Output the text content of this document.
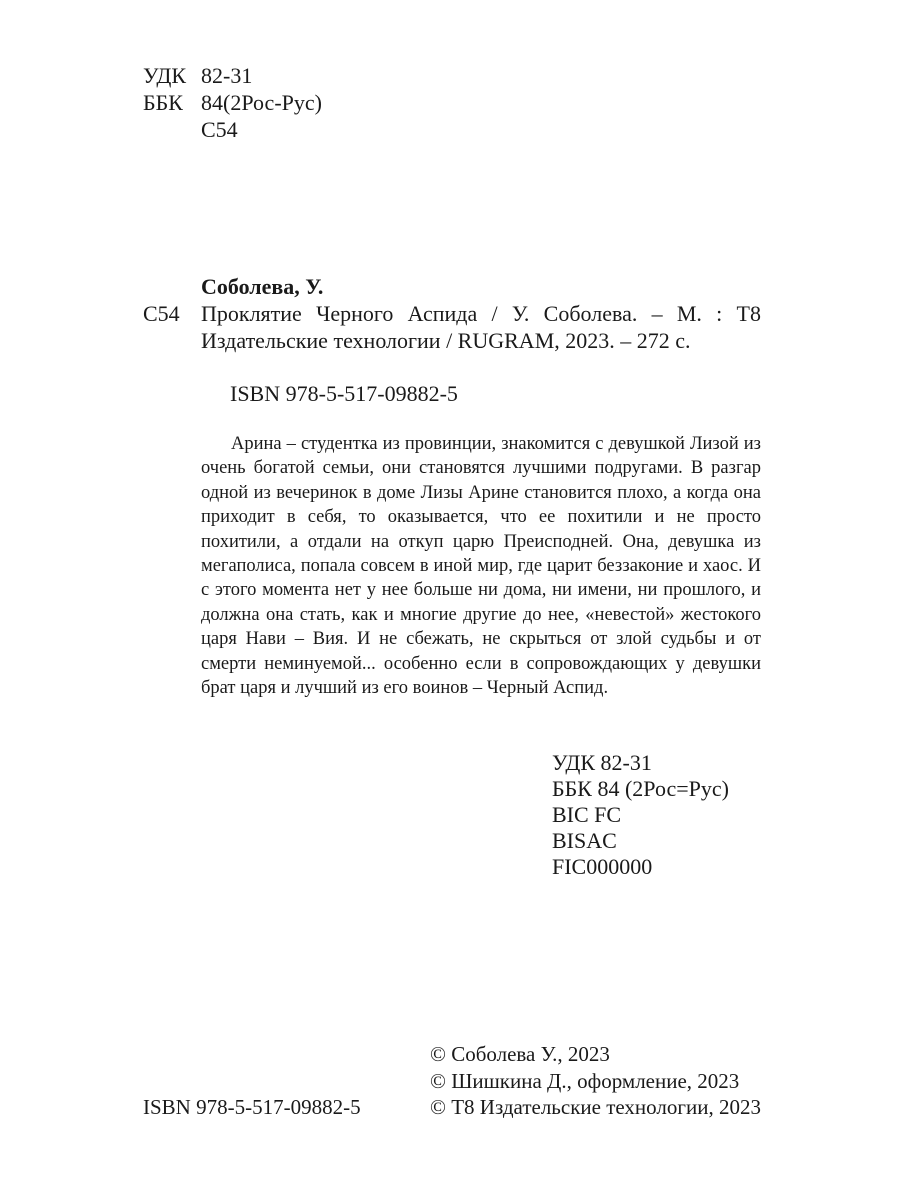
УДК 82-31
ББК 84(2Рос-Рус)
С54
Соболева, У.
С54 Проклятие Черного Аспида / У. Соболева. – М. : Т8
Издательские технологии / RUGRAM, 2023. – 272 с.
ISBN 978-5-517-09882-5

Арина – студентка из провинции, знакомится с девушкой Лизой из очень богатой семьи, они становятся лучшими подругами. В разгар одной из вечеринок в доме Лизы Арине становится плохо, а когда она приходит в себя, то оказывается, что ее похитили и не просто похитили, а отдали на откуп царю Преисподней. Она, девушка из мегаполиса, попала совсем в иной мир, где царит беззаконие и хаос. И с этого момента нет у нее больше ни дома, ни имени, ни прошлого, и должна она стать, как и многие другие до нее, «невестой» жестокого царя Нави – Вия. И не сбежать, не скрыться от злой судьбы и от смерти неминуемой... особенно если в сопровождающих у девушки брат царя и лучший из его воинов – Черный Аспид.

УДК 82-31
ББК 84 (2Рос=Рус)
BIC FC
BISAC
FIC000000
© Соболева У., 2023
© Шишкина Д., оформление, 2023
© Т8 Издательские технологии, 2023
ISBN 978-5-517-09882-5
